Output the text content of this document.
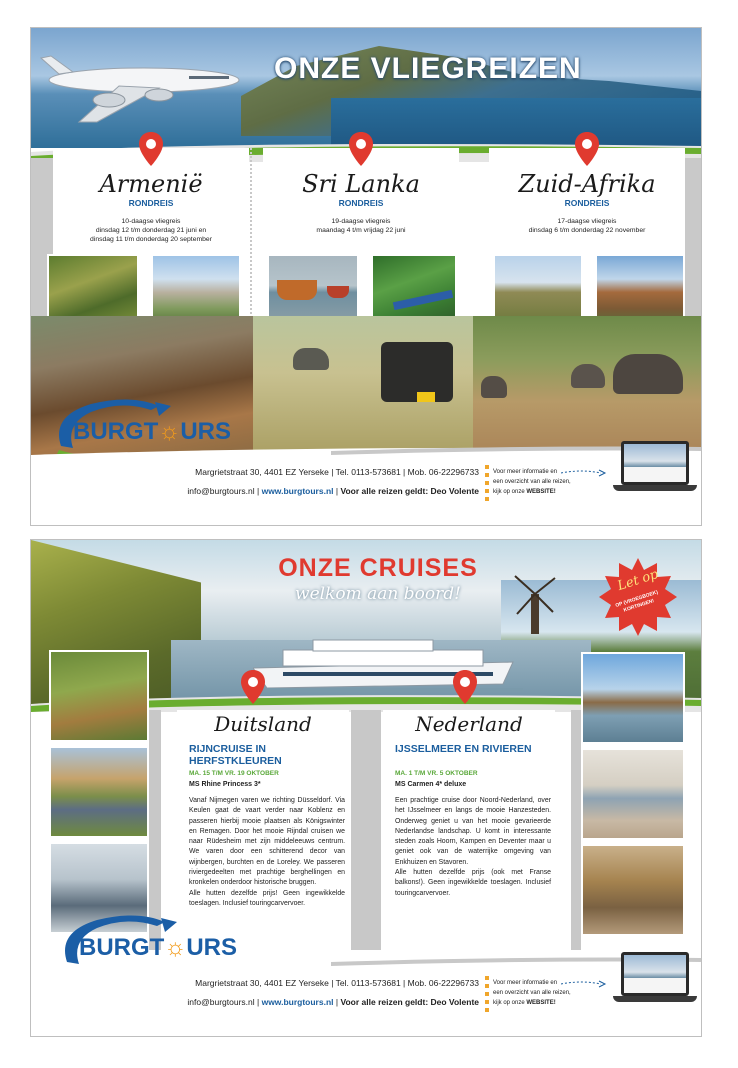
ONZE VLIEGREIZEN
Armenië
RONDREIS
10-daagse vliegreis
dinsdag 12 t/m donderdag 21 juni en
dinsdag 11 t/m donderdag 20 september
Sri Lanka
RONDREIS
19-daagse vliegreis
maandag 4 t/m vrijdag 22 juni
Zuid-Afrika
RONDREIS
17-daagse vliegreis
dinsdag 6 t/m donderdag 22 november
BURGT☼URS
Margrietstraat 30, 4401 EZ Yerseke | Tel. 0113-573681 | Mob. 06-22296733
info@burgtours.nl | www.burgtours.nl | Voor alle reizen geldt: Deo Volente
Voor meer informatie en
een overzicht van alle reizen,
kijk op onze WEBSITE!
ONZE CRUISES
welkom aan boord!	Let op
OP (VROEGBOEK) KORTINGEN!
Duitsland
RIJNCRUISE IN HERFSTKLEUREN
MA. 15 T/M VR. 19 OKTOBER
MS Rhine Princess 3*

Vanaf Nijmegen varen we richting Düsseldorf. Via Keulen gaat de vaart verder naar Koblenz en passeren hierbij mooie plaatsen als Königswinter en Remagen. Door het mooie Rijndal cruisen we naar Rüdesheim met zijn middeleeuws centrum. We varen door een schitterend decor van wijnbergen, burchten en de Loreley. We passeren riviergedeelten met prachtige berghellingen en kronkelen onderdoor historische bruggen.

Alle hutten dezelfde prijs! Geen ingewikkelde toeslagen. Inclusief touringcarvervoer.

Nederland
IJSSELMEER EN RIVIEREN
MA. 1 T/M VR. 5 OKTOBER
MS Carmen 4* deluxe

Een prachtige cruise door Noord-Nederland, over het IJsselmeer en langs de mooie Hanzesteden. Onderweg geniet u van het mooie gevarieerde Nederlandse landschap. U komt in interessante steden zoals Hoorn, Kampen en Deventer maar u geniet ook van de waterrijke omgeving van Enkhuizen en Stavoren.

Alle hutten dezelfde prijs (ook met Franse balkons!). Geen ingewikkelde toeslagen. Inclusief touringcarvervoer.

BURGT☼URS
Margrietstraat 30, 4401 EZ Yerseke | Tel. 0113-573681 | Mob. 06-22296733
info@burgtours.nl | www.burgtours.nl | Voor alle reizen geldt: Deo Volente
Voor meer informatie en
een overzicht van alle reizen,
kijk op onze WEBSITE!
